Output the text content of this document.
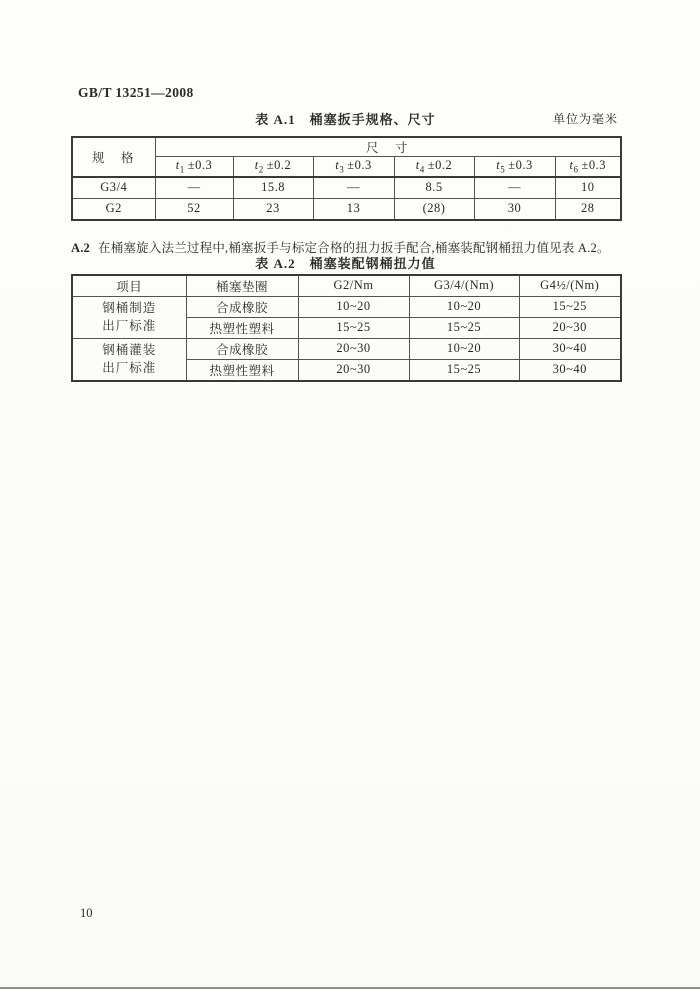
GB/T 13251—2008
表 A.1　桶塞扳手规格、尺寸	单位为毫米
规　格	尺　寸					
	$t_1 \pm 0.3$	$t_2 \pm 0.2$	$t_3 \pm 0.3$	$t_4 \pm 0.2$	$t_5 \pm 0.3$	$t_6 \pm 0.3$
G3/4	—	15.8	—	8.5	—	10
G2	52	23	13	(28)	30	28

A.2 在桶塞旋入法兰过程中,桶塞扳手与标定合格的扭力扳手配合,桶塞装配钢桶扭力值见表 A.2。

表 A.2　桶塞装配钢桶扭力值
项目	桶塞垫圈	G2/Nm	G3/4/(Nm)	G4½/(Nm)

钢桶制造
出厂标准	合成橡胶	10~20	10~20	15~25
	热塑性塑料	15~25	15~25	20~30

钢桶灌装
出厂标准	合成橡胶	20~30	10~20	30~40
	热塑性塑料	20~30	15~25	30~40
10
